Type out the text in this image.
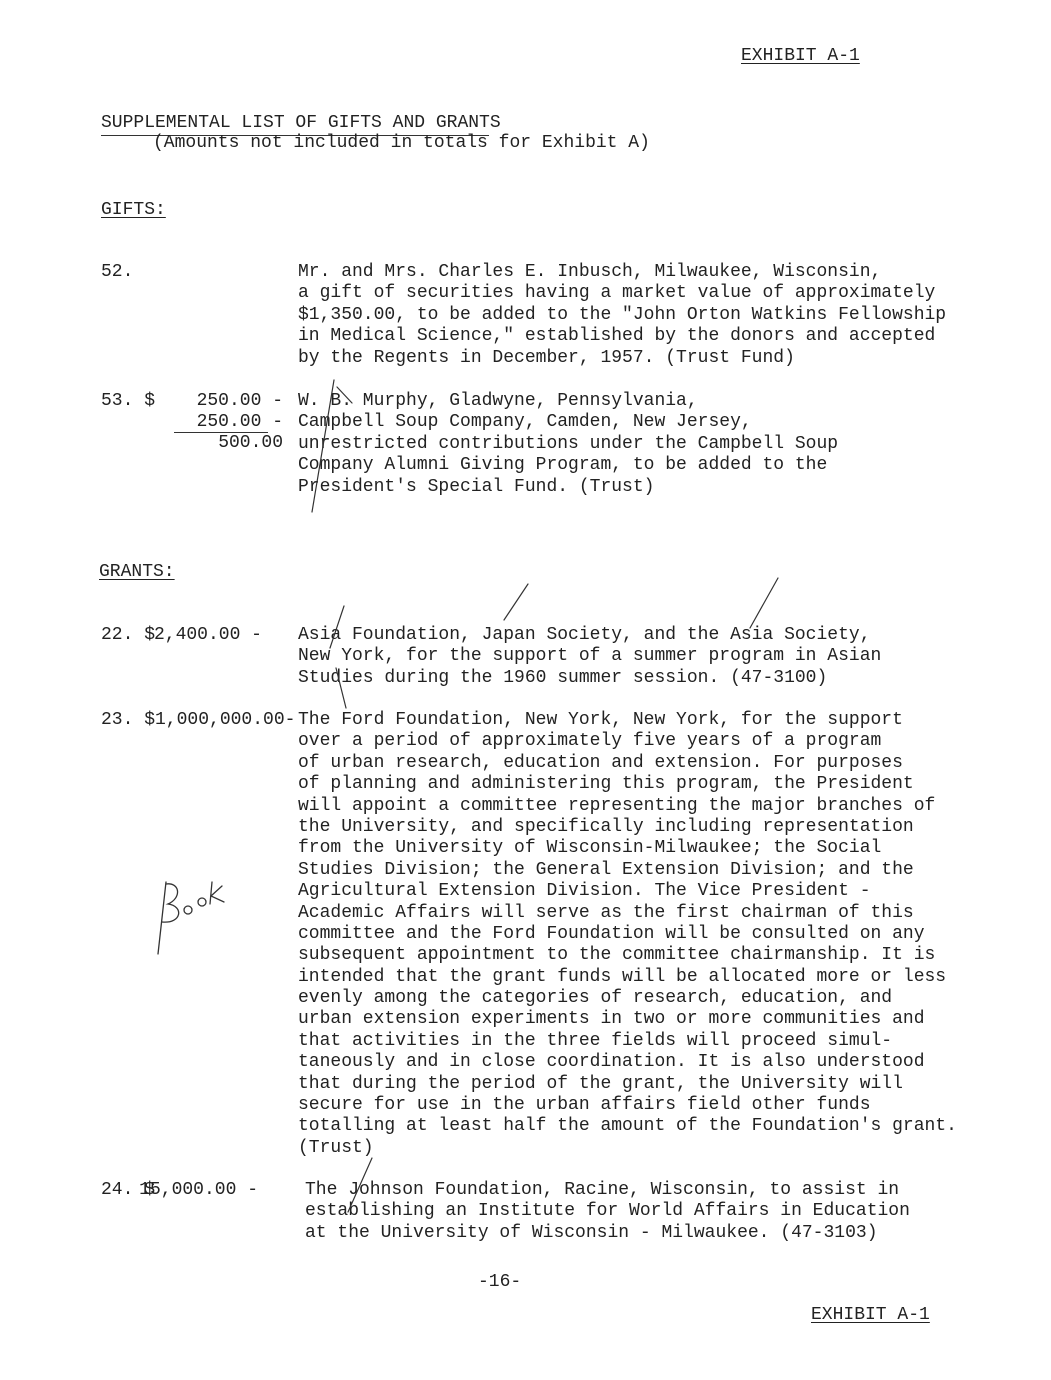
EXHIBIT A-1
SUPPLEMENTAL LIST OF GIFTS AND GRANTS
(Amounts not included in totals for Exhibit A)
GIFTS:
52.	Mr. and Mrs. Charles E. Inbusch, Milwaukee, Wisconsin,
a gift of securities having a market value of approximately
$1,350.00, to be added to the "John Orton Watkins Fellowship
in Medical Science," established by the donors and accepted
by the Regents in December, 1957. (Trust Fund)
53. $ 250.00 -
250.00 -
500.00
W. B. Murphy, Gladwyne, Pennsylvania,
Campbell Soup Company, Camden, New Jersey,
unrestricted contributions under the Campbell Soup
Company Alumni Giving Program, to be added to the
President's Special Fund. (Trust)
GRANTS:
22. $
2,400.00 - Asia Foundation, Japan Society, and the Asia Society,
New York, for the support of a summer program in Asian
Studies during the 1960 summer session. (47-3100)
23. $1,000,000.00- The Ford Foundation, New York, New York, for the support
over a period of approximately five years of a program
of urban research, education and extension. For purposes
of planning and administering this program, the President
will appoint a committee representing the major branches of
the University, and specifically including representation
from the University of Wisconsin-Milwaukee; the Social
Studies Division; the General Extension Division; and the
Agricultural Extension Division. The Vice President -
Academic Affairs will serve as the first chairman of this
committee and the Ford Foundation will be consulted on any
subsequent appointment to the committee chairmanship. It is
intended that the grant funds will be allocated more or less
evenly among the categories of research, education, and
urban extension experiments in two or more communities and
that activities in the three fields will proceed simul-
taneously and in close coordination. It is also understood
that during the period of the grant, the University will
secure for use in the urban affairs field other funds
totalling at least half the amount of the Foundation's grant.
(Trust)
24. $
15,000.00 -	The Johnson Foundation, Racine, Wisconsin, to assist in
establishing an Institute for World Affairs in Education
at the University of Wisconsin - Milwaukee. (47-3103)
-16-
EXHIBIT A-1
